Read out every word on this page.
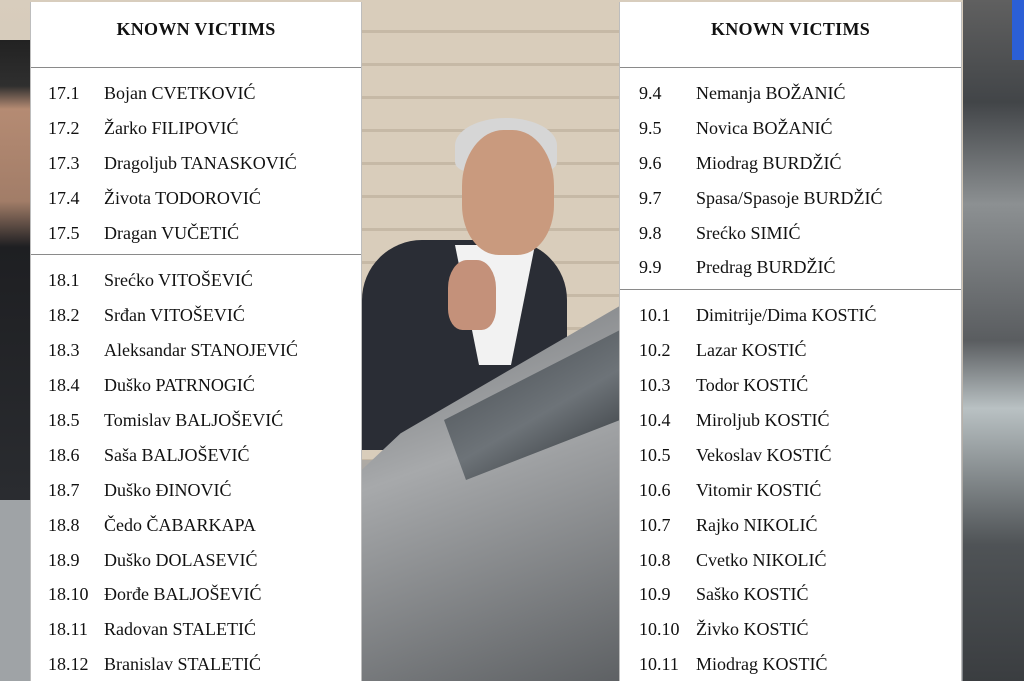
KNOWN VICTIMS
17.1	Bojan CVETKOVIĆ
17.2	Žarko FILIPOVIĆ
17.3	Dragoljub TANASKOVIĆ
17.4	Života TODOROVIĆ
17.5	Dragan VUČETIĆ
18.1	Srećko VITOŠEVIĆ
18.2	Srđan VITOŠEVIĆ
18.3	Aleksandar STANOJEVIĆ
18.4	Duško PATRNOGIĆ
18.5	Tomislav BALJOŠEVIĆ
18.6	Saša BALJOŠEVIĆ
18.7	Duško ĐINOVIĆ
18.8	Čedo ČABARKAPA
18.9	Duško DOLASEVIĆ
18.10 Đorđe BALJOŠEVIĆ
18.11 Radovan STALETIĆ
18.12 Branislav STALETIĆ
KNOWN VICTIMS
9.4	Nemanja BOŽANIĆ
9.5	Novica BOŽANIĆ
9.6	Miodrag BURDŽIĆ
9.7	Spasa/Spasoje BURDŽIĆ
9.8	Srećko SIMIĆ
9.9	Predrag BURDŽIĆ
10.1	Dimitrije/Dima KOSTIĆ
10.2	Lazar KOSTIĆ
10.3	Todor KOSTIĆ
10.4	Miroljub KOSTIĆ
10.5	Vekoslav KOSTIĆ
10.6	Vitomir KOSTIĆ
10.7	Rajko NIKOLIĆ
10.8	Cvetko NIKOLIĆ
10.9	Saško KOSTIĆ
10.10 Živko KOSTIĆ
10.11 Miodrag KOSTIĆ
